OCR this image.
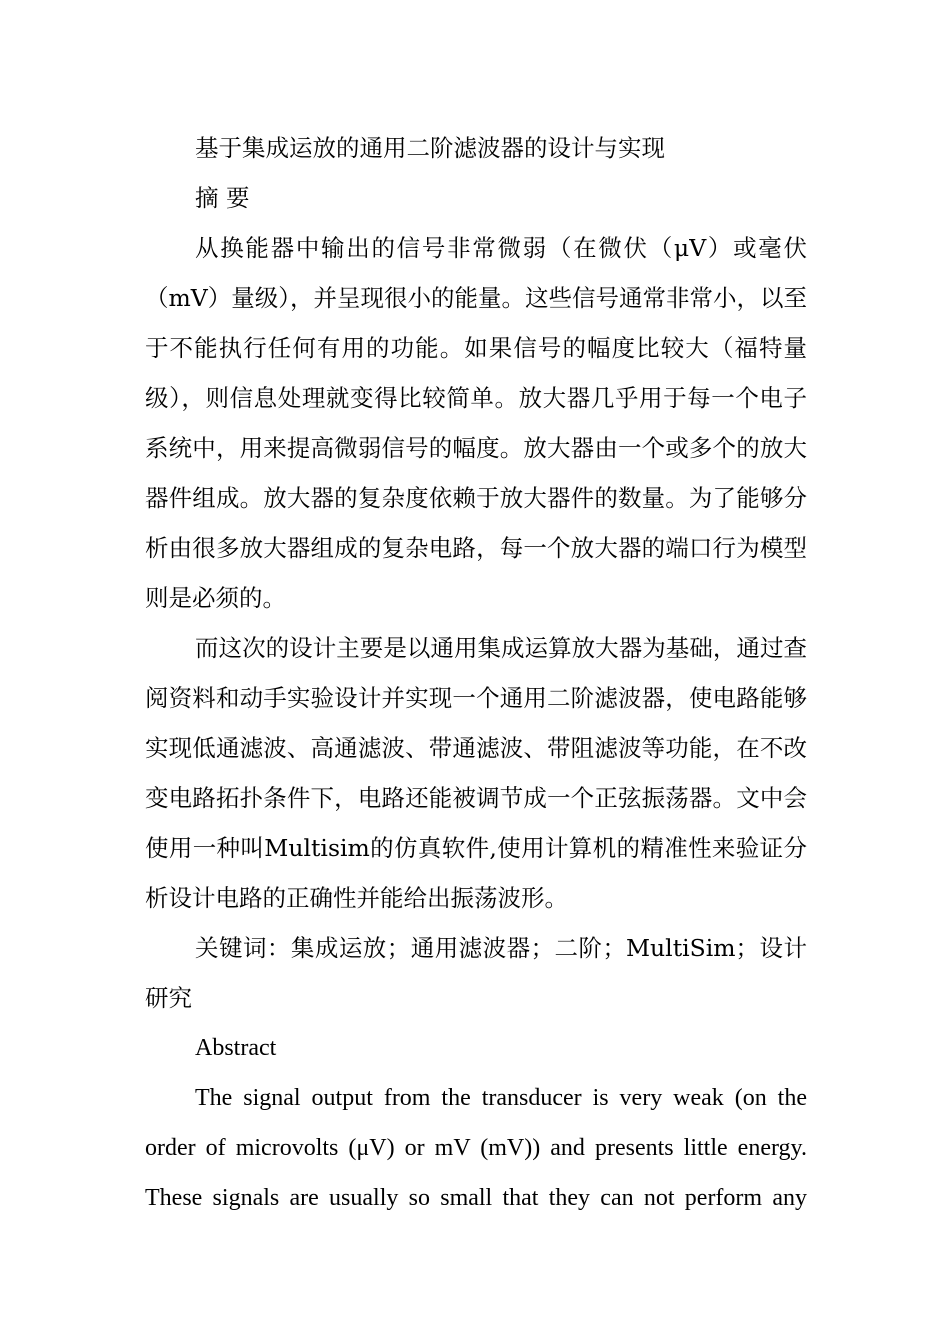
基于集成运放的通用二阶滤波器的设计与实现

摘 要

从换能器中输出的信号非常微弱（在微伏（μV）或毫伏（mV）量级），并呈现很小的能量。这些信号通常非常小，以至于不能执行任何有用的功能。如果信号的幅度比较大（福特量级），则信息处理就变得比较简单。放大器几乎用于每一个电子系统中，用来提高微弱信号的幅度。放大器由一个或多个的放大器件组成。放大器的复杂度依赖于放大器件的数量。为了能够分析由很多放大器组成的复杂电路，每一个放大器的端口行为模型则是必须的。

而这次的设计主要是以通用集成运算放大器为基础，通过查阅资料和动手实验设计并实现一个通用二阶滤波器，使电路能够实现低通滤波、高通滤波、带通滤波、带阻滤波等功能，在不改变电路拓扑条件下，电路还能被调节成一个正弦振荡器。文中会使用一种叫Multisim的仿真软件,使用计算机的精准性来验证分析设计电路的正确性并能给出振荡波形。

关键词：集成运放；通用滤波器；二阶；MultiSim；设计研究

Abstract

The signal output from the transducer is very weak (on the order of microvolts (μV) or mV (mV)) and presents little energy. These signals are usually so small that they can not perform any
